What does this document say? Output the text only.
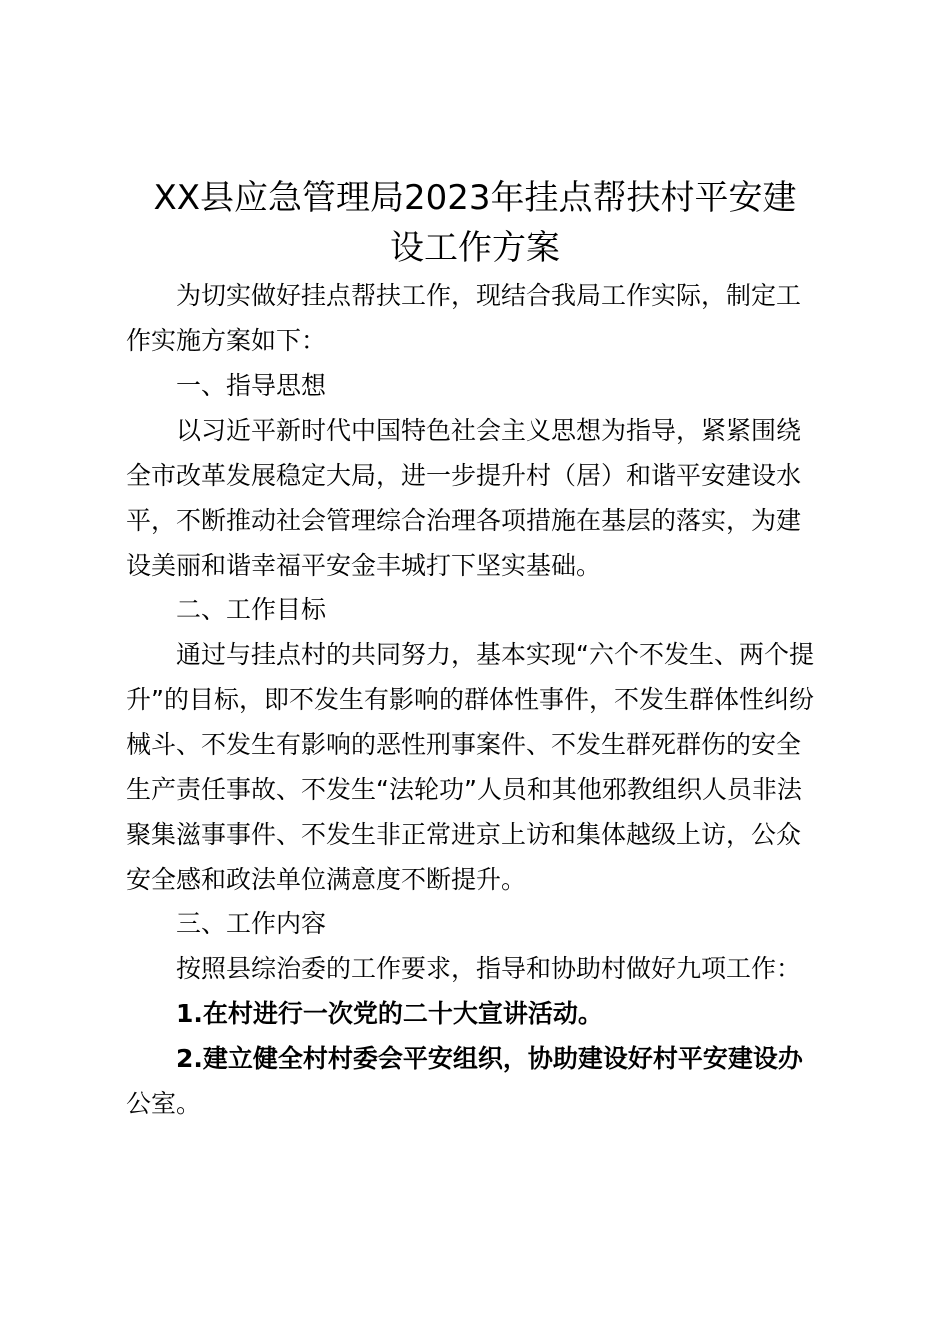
XX县应急管理局2023年挂点帮扶村平安建
设工作方案

为切实做好挂点帮扶工作，现结合我局工作实际，制定工

作实施方案如下：

一、指导思想

以习近平新时代中国特色社会主义思想为指导，紧紧围绕

全市改革发展稳定大局，进一步提升村（居）和谐平安建设水

平，不断推动社会管理综合治理各项措施在基层的落实，为建

设美丽和谐幸福平安金丰城打下坚实基础。

二、工作目标

通过与挂点村的共同努力，基本实现“六个不发生、两个提

升”的目标，即不发生有影响的群体性事件，不发生群体性纠纷

械斗、不发生有影响的恶性刑事案件、不发生群死群伤的安全

生产责任事故、不发生“法轮功”人员和其他邪教组织人员非法

聚集滋事事件、不发生非正常进京上访和集体越级上访，公众

安全感和政法单位满意度不断提升。

三、工作内容

按照县综治委的工作要求，指导和协助村做好九项工作：

1.在村进行一次党的二十大宣讲活动。

2.建立健全村村委会平安组织，协助建设好村平安建设办

公室。
